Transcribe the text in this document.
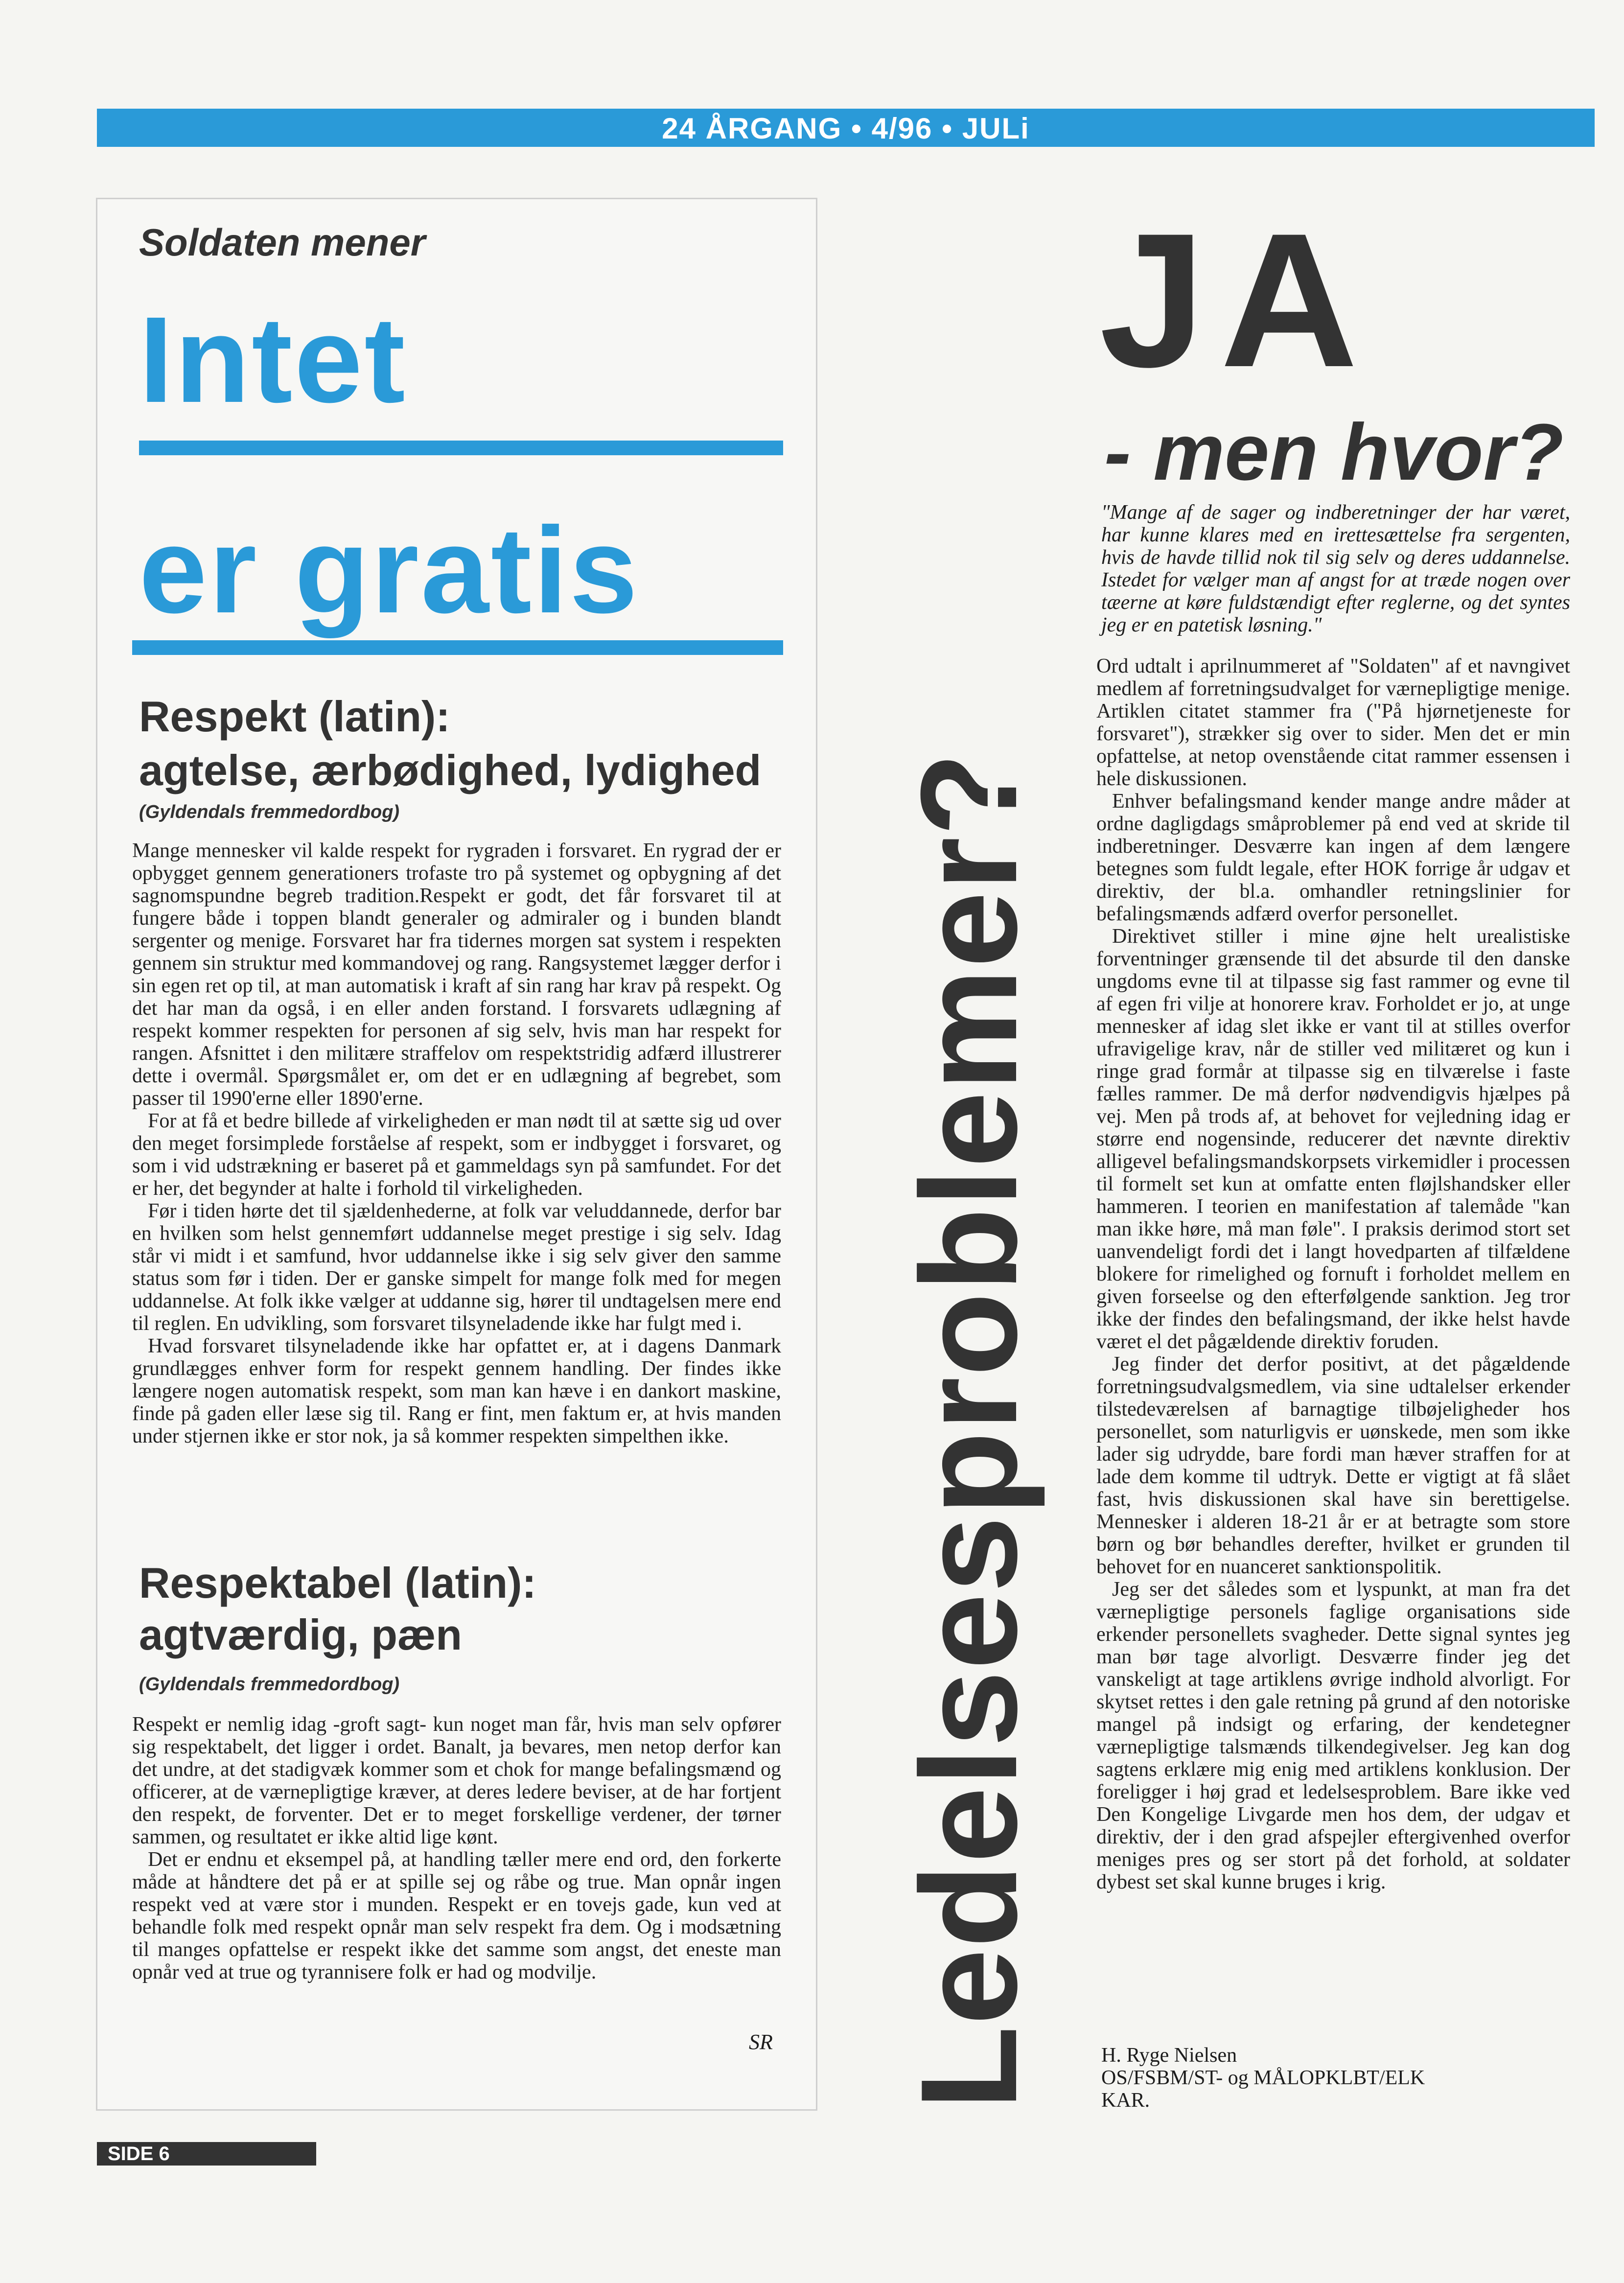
24 ÅRGANG • 4/96 • JULi
Soldaten mener
Intet
er gratis
Respekt (latin):
agtelse, ærbødighed, lydighed
(Gyldendals fremmedordbog)

Mange mennesker vil kalde respekt for rygraden i forsvaret. En rygrad der er opbygget gennem generationers trofaste tro på systemet og opbygning af det sagnomspundne begreb tradition.Respekt er godt, det får forsvaret til at fungere både i toppen blandt generaler og admiraler og i bunden blandt sergenter og menige. Forsvaret har fra tidernes morgen sat system i respekten gennem sin struktur med kommandovej og rang. Rangsystemet lægger derfor i sin egen ret op til, at man automatisk i kraft af sin rang har krav på respekt. Og det har man da også, i en eller anden forstand. I forsvarets udlægning af respekt kommer respekten for personen af sig selv, hvis man har respekt for rangen. Afsnittet i den militære straffelov om respektstridig adfærd illustrerer dette i overmål. Spørgsmålet er, om det er en udlægning af begrebet, som passer til 1990'erne eller 1890'erne.

For at få et bedre billede af virkeligheden er man nødt til at sætte sig ud over den meget forsimplede forståelse af respekt, som er indbygget i forsvaret, og som i vid udstrækning er baseret på et gammeldags syn på samfundet. For det er her, det begynder at halte i forhold til virkeligheden.

Før i tiden hørte det til sjældenhederne, at folk var veluddannede, derfor bar en hvilken som helst gennemført uddannelse meget prestige i sig selv. Idag står vi midt i et samfund, hvor uddannelse ikke i sig selv giver den samme status som før i tiden. Der er ganske simpelt for mange folk med for megen uddannelse. At folk ikke vælger at uddanne sig, hører til undtagelsen mere end til reglen. En udvikling, som forsvaret tilsyneladende ikke har fulgt med i.

Hvad forsvaret tilsyneladende ikke har opfattet er, at i dagens Danmark grundlægges enhver form for respekt gennem handling. Der findes ikke længere nogen automatisk respekt, som man kan hæve i en dankort maskine, finde på gaden eller læse sig til. Rang er fint, men faktum er, at hvis manden under stjernen ikke er stor nok, ja så kommer respekten simpelthen ikke.

Respektabel (latin):
agtværdig, pæn
(Gyldendals fremmedordbog)

Respekt er nemlig idag -groft sagt- kun noget man får, hvis man selv opfører sig respektabelt, det ligger i ordet. Banalt, ja bevares, men netop derfor kan det undre, at det stadigvæk kommer som et chok for mange befalingsmænd og officerer, at de værnepligtige kræver, at deres ledere beviser, at de har fortjent den respekt, de forventer. Det er to meget forskellige verdener, der tørner sammen, og resultatet er ikke altid lige kønt.

Det er endnu et eksempel på, at handling tæller mere end ord, den forkerte måde at håndtere det på er at spille sej og råbe og true. Man opnår ingen respekt ved at være stor i munden. Respekt er en tovejs gade, kun ved at behandle folk med respekt opnår man selv respekt fra dem. Og i modsætning til manges opfattelse er respekt ikke det samme som angst, det eneste man opnår ved at true og tyrannisere folk er had og modvilje.

SR Ledelsesproblemer?
JA
- men hvor?
"Mange af de sager og indberetninger der har været, har kunne klares med en irettesættelse fra sergenten, hvis de havde tillid nok til sig selv og deres uddannelse. Istedet for vælger man af angst for at træde nogen over tæerne at køre fuldstændigt efter reglerne, og det syntes jeg er en patetisk løsning."

Ord udtalt i aprilnummeret af "Soldaten" af et navngivet medlem af forretningsudvalget for værnepligtige menige. Artiklen citatet stammer fra ("På hjørnetjeneste for forsvaret"), strækker sig over to sider. Men det er min opfattelse, at netop ovenstående citat rammer essensen i hele diskussionen.

Enhver befalingsmand kender mange andre måder at ordne dagligdags småproblemer på end ved at skride til indberetninger. Desværre kan ingen af dem længere betegnes som fuldt legale, efter HOK forrige år udgav et direktiv, der bl.a. omhandler retningslinier for befalingsmænds adfærd overfor personellet.

Direktivet stiller i mine øjne helt urealistiske forventninger grænsende til det absurde til den danske ungdoms evne til at tilpasse sig fast rammer og evne til af egen fri vilje at honorere krav. Forholdet er jo, at unge mennesker af idag slet ikke er vant til at stilles overfor ufravigelige krav, når de stiller ved militæret og kun i ringe grad formår at tilpasse sig en tilværelse i faste fælles rammer. De må derfor nødvendigvis hjælpes på vej. Men på trods af, at behovet for vejledning idag er større end nogensinde, reducerer det nævnte direktiv alligevel befalingsmandskorpsets virkemidler i processen til formelt set kun at omfatte enten fløjlshandsker eller hammeren. I teorien en manifestation af talemåde "kan man ikke høre, må man føle". I praksis derimod stort set uanvendeligt fordi det i langt hovedparten af tilfældene blokere for rimelighed og fornuft i forholdet mellem en given forseelse og den efterfølgende sanktion. Jeg tror ikke der findes den befalingsmand, der ikke helst havde været el det pågældende direktiv foruden.

Jeg finder det derfor positivt, at det pågældende forretningsudvalgsmedlem, via sine udtalelser erkender tilstedeværelsen af barnagtige tilbøjeligheder hos personellet, som naturligvis er uønskede, men som ikke lader sig udrydde, bare fordi man hæver straffen for at lade dem komme til udtryk. Dette er vigtigt at få slået fast, hvis diskussionen skal have sin berettigelse. Mennesker i alderen 18-21 år er at betragte som store børn og bør behandles derefter, hvilket er grunden til behovet for en nuanceret sanktionspolitik.

Jeg ser det således som et lyspunkt, at man fra det værnepligtige personels faglige organisations side erkender personellets svagheder. Dette signal syntes jeg man bør tage alvorligt. Desværre finder jeg det vanskeligt at tage artiklens øvrige indhold alvorligt. For skytset rettes i den gale retning på grund af den notoriske mangel på indsigt og erfaring, der kendetegner værnepligtige talsmænds tilkendegivelser. Jeg kan dog sagtens erklære mig enig med artiklens konklusion. Der foreligger i høj grad et ledelsesproblem. Bare ikke ved Den Kongelige Livgarde men hos dem, der udgav et direktiv, der i den grad afspejler eftergivenhed overfor meniges pres og ser stort på det forhold, at soldater dybest set skal kunne bruges i krig.

H. Ryge Nielsen
OS/FSBM/ST- og MÅLOPKLBT/ELK
KAR.
SIDE 6
